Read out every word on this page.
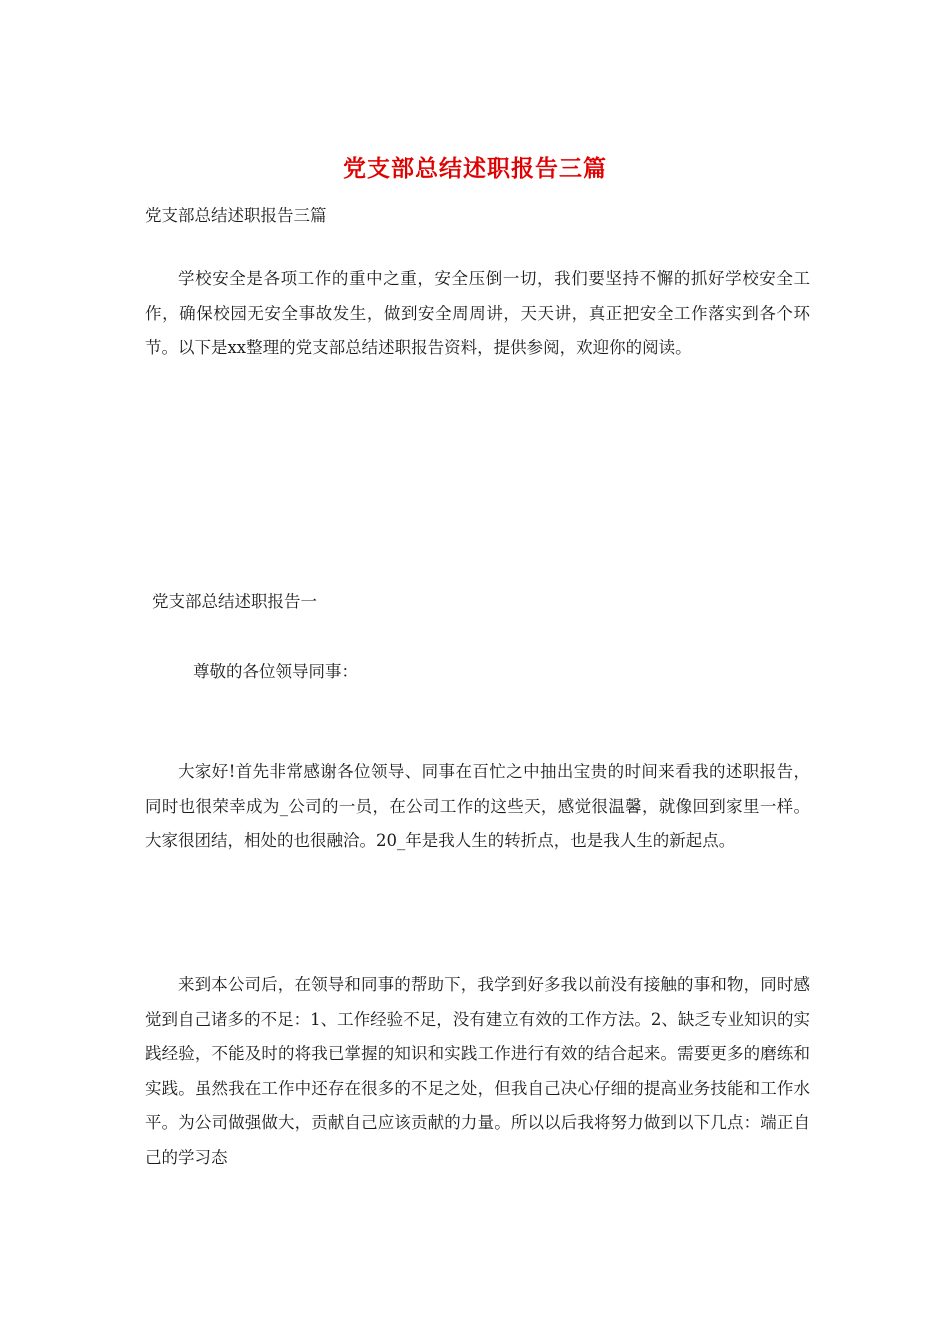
党支部总结述职报告三篇
党支部总结述职报告三篇

学校安全是各项工作的重中之重，安全压倒一切，我们要坚持不懈的抓好学校安全工作，确保校园无安全事故发生，做到安全周周讲，天天讲，真正把安全工作落实到各个环节。以下是xx整理的党支部总结述职报告资料，提供参阅，欢迎你的阅读。

党支部总结述职报告一
尊敬的各位领导同事：

大家好!首先非常感谢各位领导、同事在百忙之中抽出宝贵的时间来看我的述职报告，同时也很荣幸成为_公司的一员，在公司工作的这些天，感觉很温馨，就像回到家里一样。大家很团结，相处的也很融洽。20_年是我人生的转折点，也是我人生的新起点。

来到本公司后，在领导和同事的帮助下，我学到好多我以前没有接触的事和物，同时感觉到自己诸多的不足：1、工作经验不足，没有建立有效的工作方法。2、缺乏专业知识的实践经验，不能及时的将我已掌握的知识和实践工作进行有效的结合起来。需要更多的磨练和实践。虽然我在工作中还存在很多的不足之处，但我自己决心仔细的提高业务技能和工作水平。为公司做强做大，贡献自己应该贡献的力量。所以以后我将努力做到以下几点：端正自己的学习态
